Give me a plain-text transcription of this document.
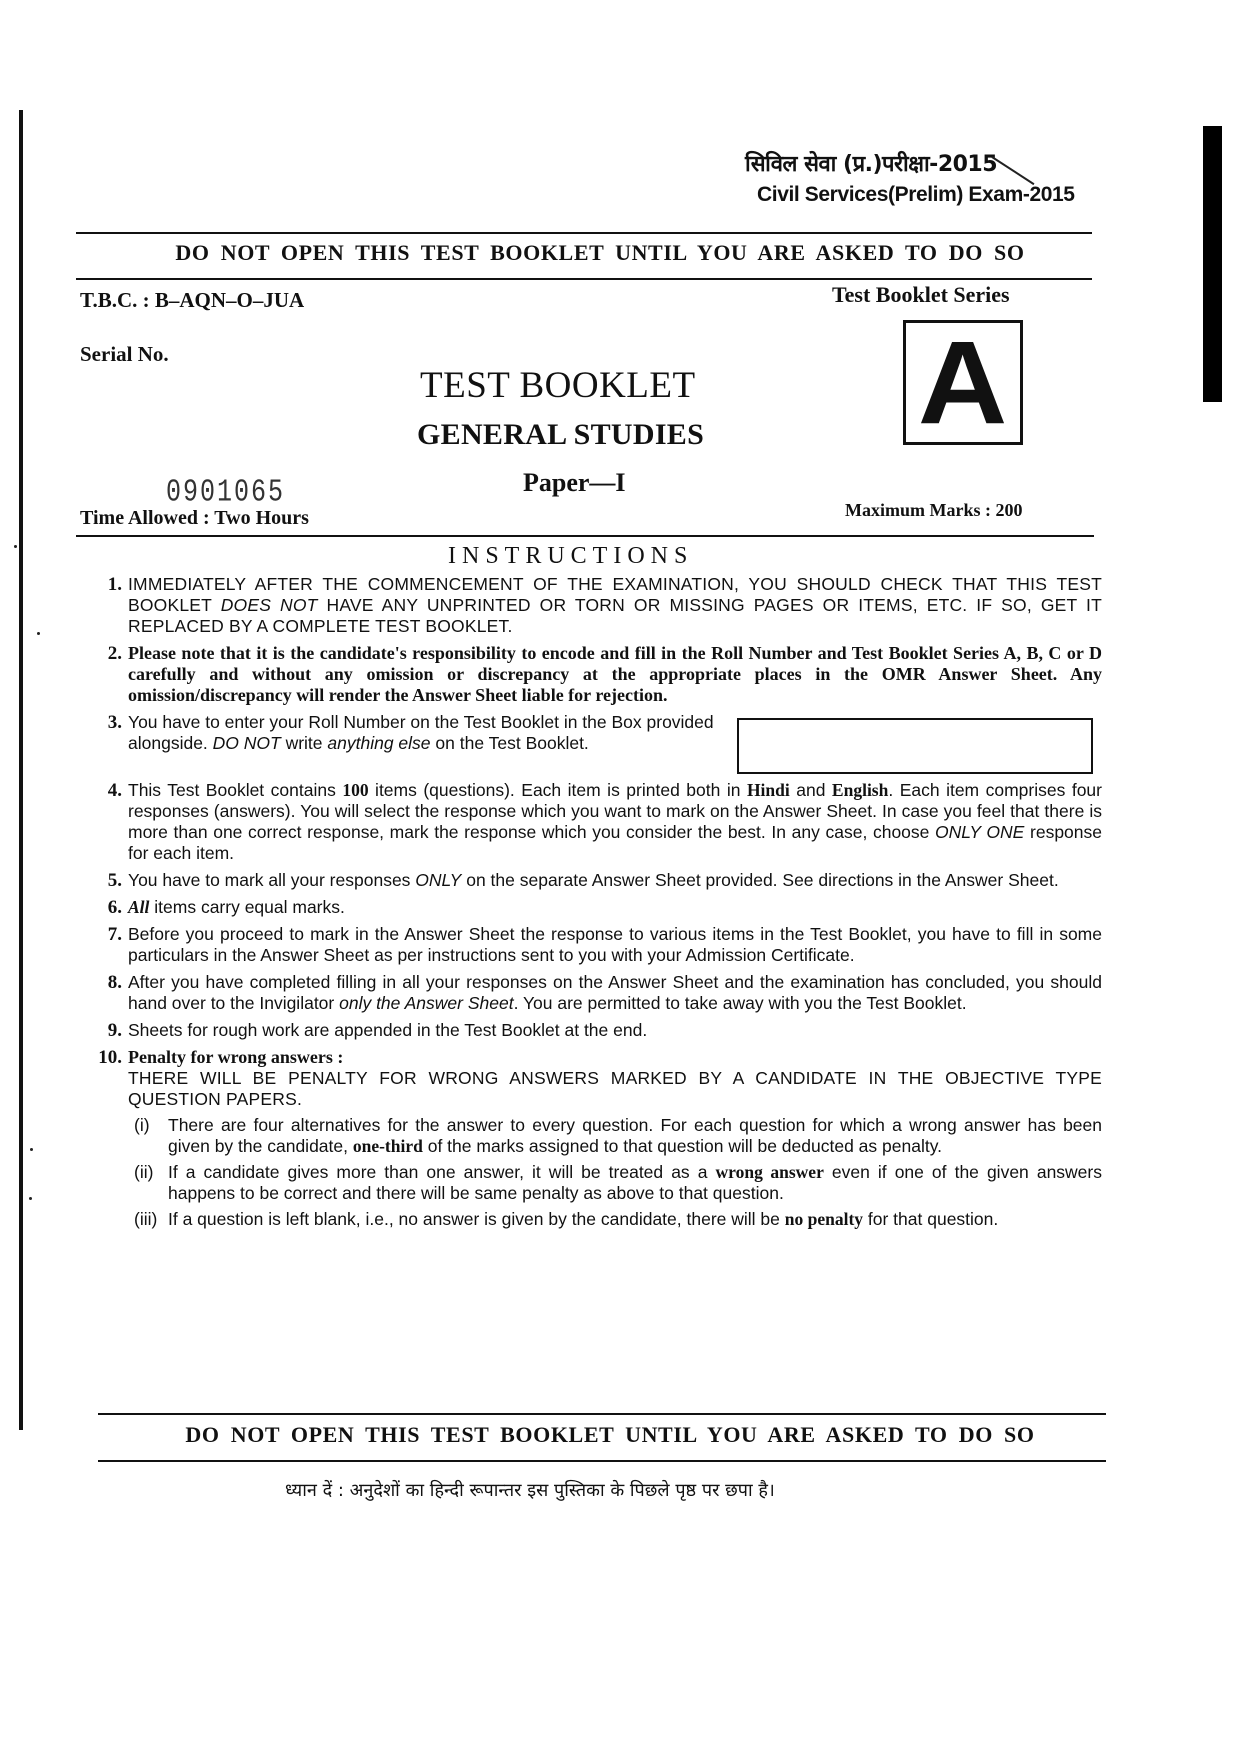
सिविल सेवा (प्र.)परीक्षा-2015
Civil Services(Prelim) Exam-2015
DO NOT OPEN THIS TEST BOOKLET UNTIL YOU ARE ASKED TO DO SO
T.B.C. : B–AQN–O–JUA	Test Booklet Series
Serial No.
TEST BOOKLET
GENERAL STUDIES
Paper—I
A
0901065
Time Allowed : Two Hours	Maximum Marks : 200
INSTRUCTIONS
1. IMMEDIATELY AFTER THE COMMENCEMENT OF THE EXAMINATION, YOU SHOULD CHECK THAT THIS TEST BOOKLET DOES NOT HAVE ANY UNPRINTED OR TORN OR MISSING PAGES OR ITEMS, ETC. IF SO, GET IT REPLACED BY A COMPLETE TEST BOOKLET.
2. Please note that it is the candidate's responsibility to encode and fill in the Roll Number and Test Booklet Series A, B, C or D carefully and without any omission or discrepancy at the appropriate places in the OMR Answer Sheet. Any omission/discrepancy will render the Answer Sheet liable for rejection.
3. You have to enter your Roll Number on the Test Booklet in the Box provided alongside. DO NOT write anything else on the Test Booklet.
4. This Test Booklet contains 100 items (questions). Each item is printed both in Hindi and English. Each item comprises four responses (answers). You will select the response which you want to mark on the Answer Sheet. In case you feel that there is more than one correct response, mark the response which you consider the best. In any case, choose ONLY ONE response for each item.
5. You have to mark all your responses ONLY on the separate Answer Sheet provided. See directions in the Answer Sheet.
6. All items carry equal marks.
7. Before you proceed to mark in the Answer Sheet the response to various items in the Test Booklet, you have to fill in some particulars in the Answer Sheet as per instructions sent to you with your Admission Certificate.
8. After you have completed filling in all your responses on the Answer Sheet and the examination has concluded, you should hand over to the Invigilator only the Answer Sheet. You are permitted to take away with you the Test Booklet.
9. Sheets for rough work are appended in the Test Booklet at the end.
10. Penalty for wrong answers :
THERE WILL BE PENALTY FOR WRONG ANSWERS MARKED BY A CANDIDATE IN THE OBJECTIVE TYPE QUESTION PAPERS.
(i)	There are four alternatives for the answer to every question. For each question for which a wrong answer has been given by the candidate, one-third of the marks assigned to that question will be deducted as penalty.
(ii) If a candidate gives more than one answer, it will be treated as a wrong answer even if one of the given answers happens to be correct and there will be same penalty as above to that question.
(iii) If a question is left blank, i.e., no answer is given by the candidate, there will be no penalty for that question.
DO NOT OPEN THIS TEST BOOKLET UNTIL YOU ARE ASKED TO DO SO
ध्यान दें : अनुदेशों का हिन्दी रूपान्तर इस पुस्तिका के पिछले पृष्ठ पर छपा है।
